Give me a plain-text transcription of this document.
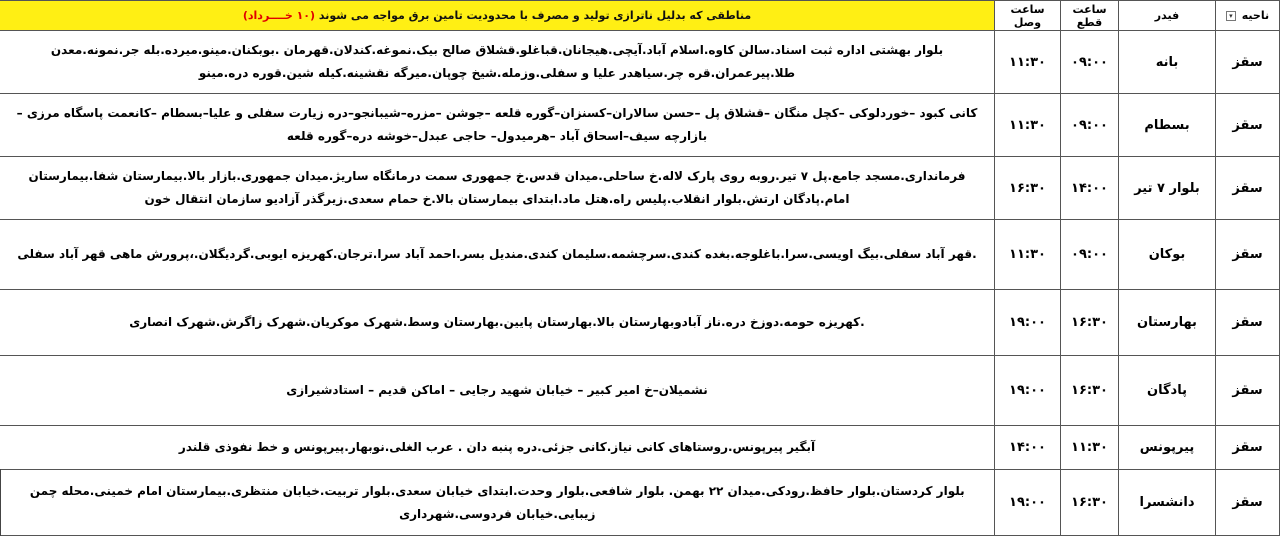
ناحیه ▾	فیدر	ساعت قطع	ساعت وصل	مناطقی که بدلیل ناترازی تولید و مصرف با محدودیت تامین برق مواجه می شوند (۱۰ خــــرداد)
سقز	بانه	۰۹:۰۰	۱۱:۳۰	بلوار بهشتی اداره ثبت اسناد.سالن کاوه.اسلام آباد.آیچی.هیجانان.قباغلو.قشلاق صالح بیک.نموغه.کندلان.قهرمان .بوبکنان.مینو.میرده.بله جر.نمونه.معدن طلا.پیرعمران.قره چر.سیاهدر علیا و سفلی.وزمله.شیخ چوپان.میرگه نقشینه.کیله شین.قوره دره.مینو
سقز	بسطام	۰۹:۰۰	۱۱:۳۰	کانی کبود –خوردلوکی –کچل منگان –قشلاق پل –حسن سالاران–کسنزان–گوره قلعه –جوشن –مزره–شیبانجو–دره زیارت سفلی و علیا–بسطام –کانعمت پاسگاه مرزی – بازارچه سیف–اسحاق آباد –هرمیدول– حاجی عبدل–خوشه دره–گوره قلعه
سقز	بلوار ۷ تیر	۱۴:۰۰	۱۶:۳۰	فرمانداری.مسجد جامع.پل ۷ تیر.روبه روی پارک لاله.خ ساحلی.میدان قدس.خ جمهوری سمت درمانگاه ساریژ.میدان جمهوری.بازار بالا.بیمارستان شفا.بیمارستان امام.پادگان ارتش.بلوار انقلاب.پلیس راه.هتل ماد.ابتدای بیمارستان بالا.خ حمام سعدی.زیرگذر آزادیو سازمان انتقال خون
سقز	بوکان	۰۹:۰۰	۱۱:۳۰	.قهر آباد سفلی.بیگ اویسی.سرا.باغلوجه.بغده کندی.سرچشمه.سلیمان کندی.مندیل بسر.احمد آباد سرا.ترجان.کهریزه ایوبی.گردیگلان.،پرورش ماهی قهر آباد سفلی
سقز	بهارستان	۱۶:۳۰	۱۹:۰۰	.کهریزه حومه.دوزخ دره.ناز آبادوبهارستان بالا.بهارستان پایین.بهارستان وسط.شهرک موکریان.شهرک زاگرش.شهرک انصاری
سقز	پادگان	۱۶:۳۰	۱۹:۰۰	نشمیلان–خ امیر کبیر – خیابان شهید رجایی – اماکن قدیم – استادشیرازی
سقز	پیرپونس	۱۱:۳۰	۱۴:۰۰	آبگیر پیرپونس.روستاهای کانی نیاز.کانی جزئی.دره پنبه دان . عرب الغلی.نوبهار.پیرپونس و خط نفوذی قلندر
سقز	دانشسرا	۱۶:۳۰	۱۹:۰۰	بلوار کردستان.بلوار حافظ.رودکی.میدان ۲۲ بهمن. بلوار شافعی.بلوار وحدت.ابتدای خیابان سعدی.بلوار تربیت.خیابان منتظری.بیمارستان امام خمینی.محله چمن زیبایی.خیابان فردوسی.شهرداری
